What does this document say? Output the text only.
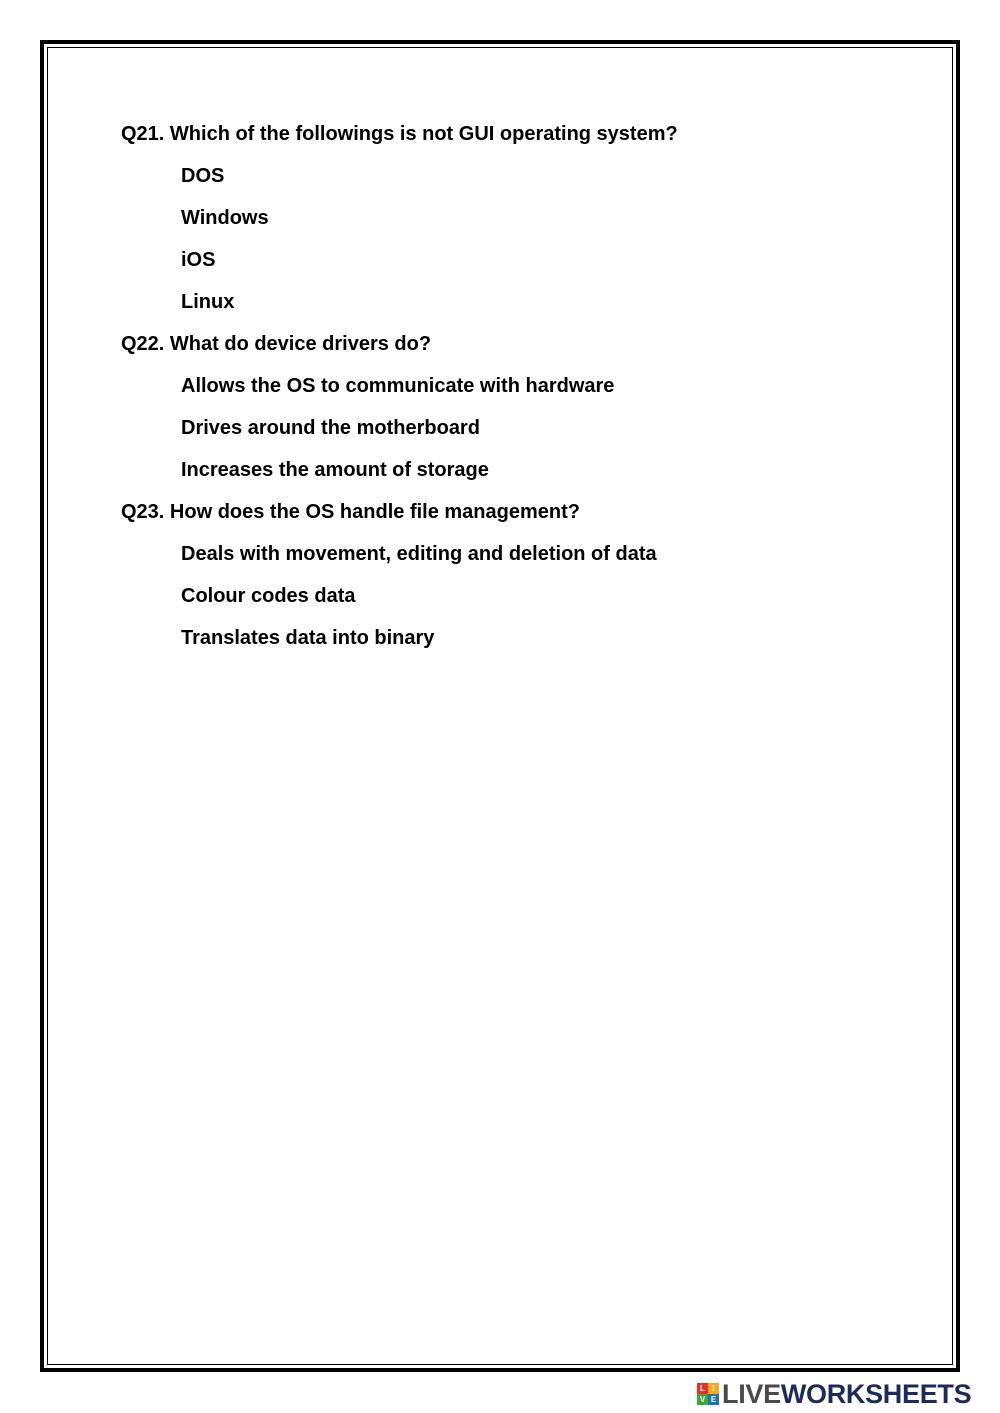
Q21. Which of the followings is not GUI operating system?
DOS
Windows
iOS
Linux
Q22. What do device drivers do?
Allows the OS to communicate with hardware
Drives around the motherboard
Increases the amount of storage
Q23. How does the OS handle file management?
Deals with movement, editing and deletion of data
Colour codes data
Translates data into binary
L I
V E LIVE WORKSHEETS
